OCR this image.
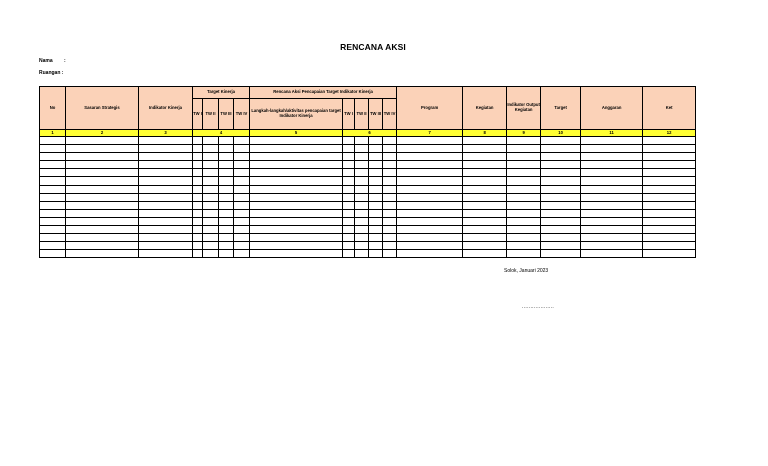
RENCANA AKSI
Nama :
Ruangan :
No	Sasaran Strategis	Indikator Kinerja	Target Kinerja				Rencana Aksi Pencapaian Target Indikator Kinerja					Program	Kegiatan	Indikator Output Kegiatan	Target	Anggaran	Ket
			TW I	TW II	TW III	TW IV	Langkah-langkah/aktivitas pencapaian target Indikator Kinerja	TW I	TW II	TW III	TW IV						
1	2	3	4				5	6				7	8	9	10	11	12

Solok, Januari 2023
...................
